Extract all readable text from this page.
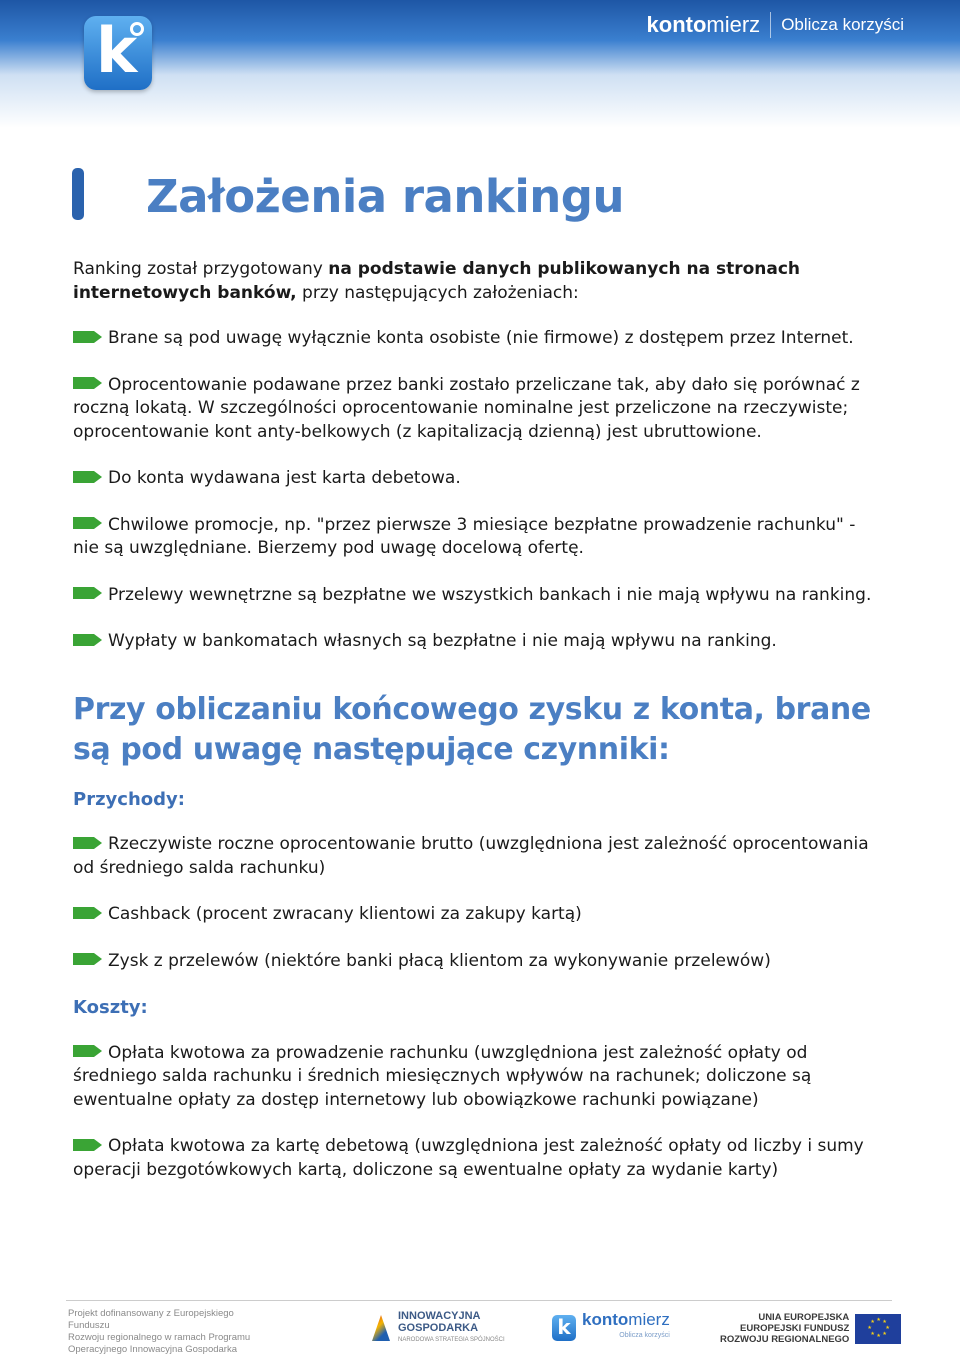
k	kontomierz Oblicza korzyści
Założenia rankingu

Ranking został przygotowany na podstawie danych publikowanych na stronach internetowych banków, przy następujących założeniach:

Brane są pod uwagę wyłącznie konta osobiste (nie firmowe) z dostępem przez Internet.
Oprocentowanie podawane przez banki zostało przeliczane tak, aby dało się porównać z roczną lokatą. W szczególności oprocentowanie nominalne jest przeliczone na rzeczywiste; oprocentowanie kont anty-belkowych (z kapitalizacją dzienną) jest ubruttowione.
Do konta wydawana jest karta debetowa.
Chwilowe promocje, np. "przez pierwsze 3 miesiące bezpłatne prowadzenie rachunku" - nie są uwzględniane. Bierzemy pod uwagę docelową ofertę.
Przelewy wewnętrzne są bezpłatne we wszystkich bankach i nie mają wpływu na ranking.
Wypłaty w bankomatach własnych są bezpłatne i nie mają wpływu na ranking.
Przy obliczaniu końcowego zysku z konta, brane są pod uwagę następujące czynniki:
Przychody:
Rzeczywiste roczne oprocentowanie brutto (uwzględniona jest zależność oprocentowania od średniego salda rachunku)
Cashback (procent zwracany klientowi za zakupy kartą)
Zysk z przelewów (niektóre banki płacą klientom za wykonywanie przelewów)
Koszty:
Opłata kwotowa za prowadzenie rachunku (uwzględniona jest zależność opłaty od średniego salda rachunku i średnich miesięcznych wpływów na rachunek; doliczone są ewentualne opłaty za dostęp internetowy lub obowiązkowe rachunki powiązane)
Opłata kwotowa za kartę debetową (uwzględniona jest zależność opłaty od liczby i sumy operacji bezgotówkowych kartą, doliczone są ewentualne opłaty za wydanie karty)
Projekt dofinansowany z Europejskiego Funduszu
Rozwoju regionalnego w ramach Programu
Operacyjnego Innowacyjna Gospodarka
INNOWACYJNA
GOSPODARKA
NARODOWA STRATEGIA SPÓJNOŚCI
k kontomierz
Oblicza korzyści
UNIA EUROPEJSKA
EUROPEJSKI FUNDUSZ
ROZWOJU REGIONALNEGO
★ ★
★
★
★
★
★
★
